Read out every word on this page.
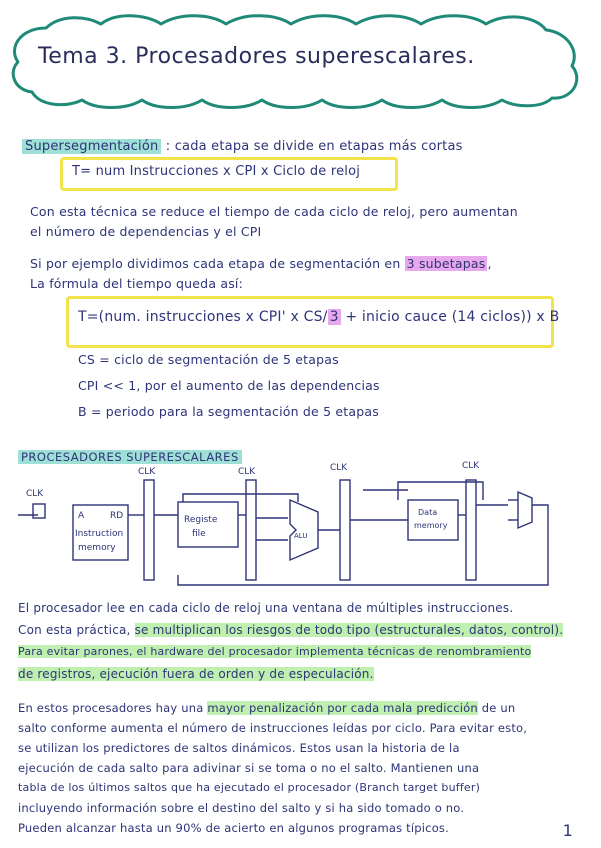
Tema 3. Procesadores superescalares.
Supersegmentación : cada etapa se divide en etapas más cortas
T= num Instrucciones x CPI x Ciclo de reloj
Con esta técnica se reduce el tiempo de cada ciclo de reloj, pero aumentan
el número de dependencias y el CPI
Si por ejemplo dividimos cada etapa de segmentación en 3 subetapas ,
La fórmula del tiempo queda así:
T=(num. instrucciones x CPI' x CS/ 3 + inicio cauce (14 ciclos)) x B
CS = ciclo de segmentación de 5 etapas
CPI << 1, por el aumento de las dependencias
B = periodo para la segmentación de 5 etapas
PROCESADORES SUPERESCALARES
CLK
CLK	CLK	CLK	CLK
A	RD
Instruction
memory
Registe
file	ALU
Data
memory
El procesador lee en cada ciclo de reloj una ventana de múltiples instrucciones.
Con esta práctica, se multiplican los riesgos de todo tipo (estructurales, datos, control).
Para evitar parones, el hardware del procesador implementa técnicas de renombramiento
de registros, ejecución fuera de orden y de especulación.
En estos procesadores hay una mayor penalización por cada mala predicción de un
salto conforme aumenta el número de instrucciones leídas por ciclo. Para evitar esto,
se utilizan los predictores de saltos dinámicos. Estos usan la historia de la
ejecución de cada salto para adivinar si se toma o no el salto. Mantienen una
tabla de los últimos saltos que ha ejecutado el procesador (Branch target buffer)
incluyendo información sobre el destino del salto y si ha sido tomado o no.
Pueden alcanzar hasta un 90% de acierto en algunos programas típicos.	1
